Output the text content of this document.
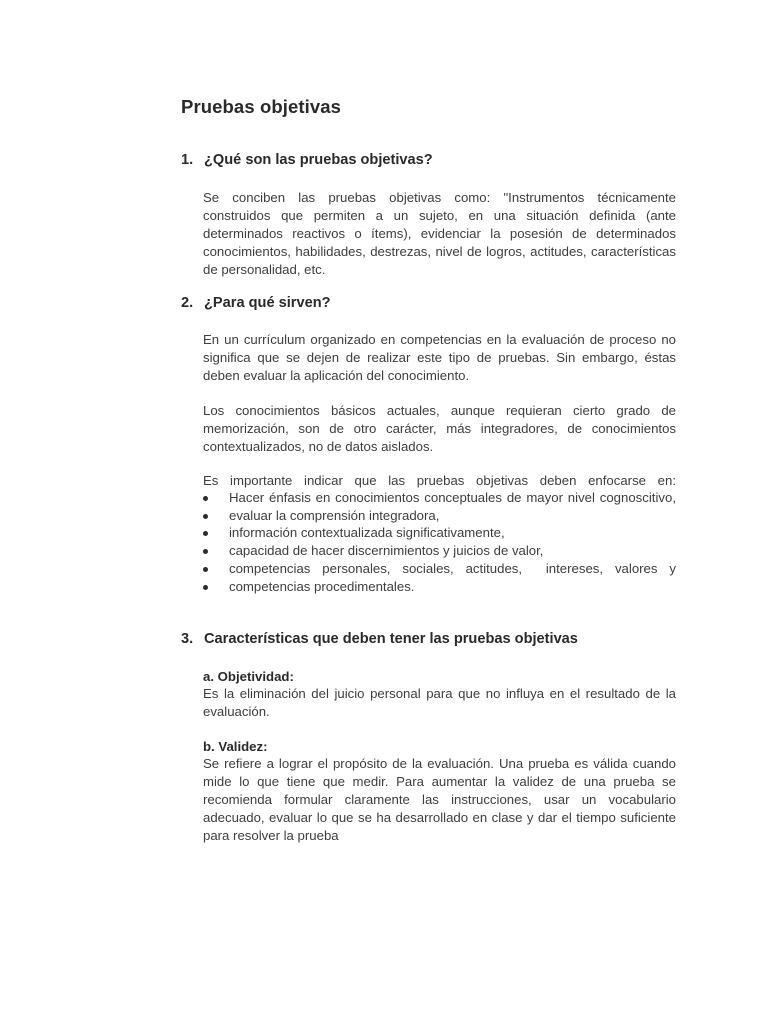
Pruebas objetivas
1. ¿Qué son las pruebas objetivas?

Se conciben las pruebas objetivas como: "Instrumentos técnicamente construidos que permiten a un sujeto, en una situación definida (ante determinados reactivos o ítems), evidenciar la posesión de determinados conocimientos, habilidades, destrezas, nivel de logros, actitudes, características de personalidad, etc.

2. ¿Para qué sirven?

En un currículum organizado en competencias en la evaluación de proceso no significa que se dejen de realizar este tipo de pruebas. Sin embargo, éstas deben evaluar la aplicación del conocimiento.

Los conocimientos básicos actuales, aunque requieran cierto grado de memorización, son de otro carácter, más integradores, de conocimientos contextualizados, no de datos aislados.

Es importante indicar que las pruebas objetivas deben enfocarse en:

Hacer énfasis en conocimientos conceptuales de mayor nivel cognoscitivo,
evaluar la comprensión integradora,
información contextualizada significativamente,
capacidad de hacer discernimientos y juicios de valor,
competencias personales, sociales, actitudes,  intereses, valores y
competencias procedimentales.
3. Características que deben tener las pruebas objetivas
a. Objetividad:

Es la eliminación del juicio personal para que no influya en el resultado de la evaluación.

b. Validez:

Se refiere a lograr el propósito de la evaluación. Una prueba es válida cuando mide lo que tiene que medir. Para aumentar la validez de una prueba se recomienda formular claramente las instrucciones, usar un vocabulario adecuado, evaluar lo que se ha desarrollado en clase y dar el tiempo suficiente para resolver la prueba
